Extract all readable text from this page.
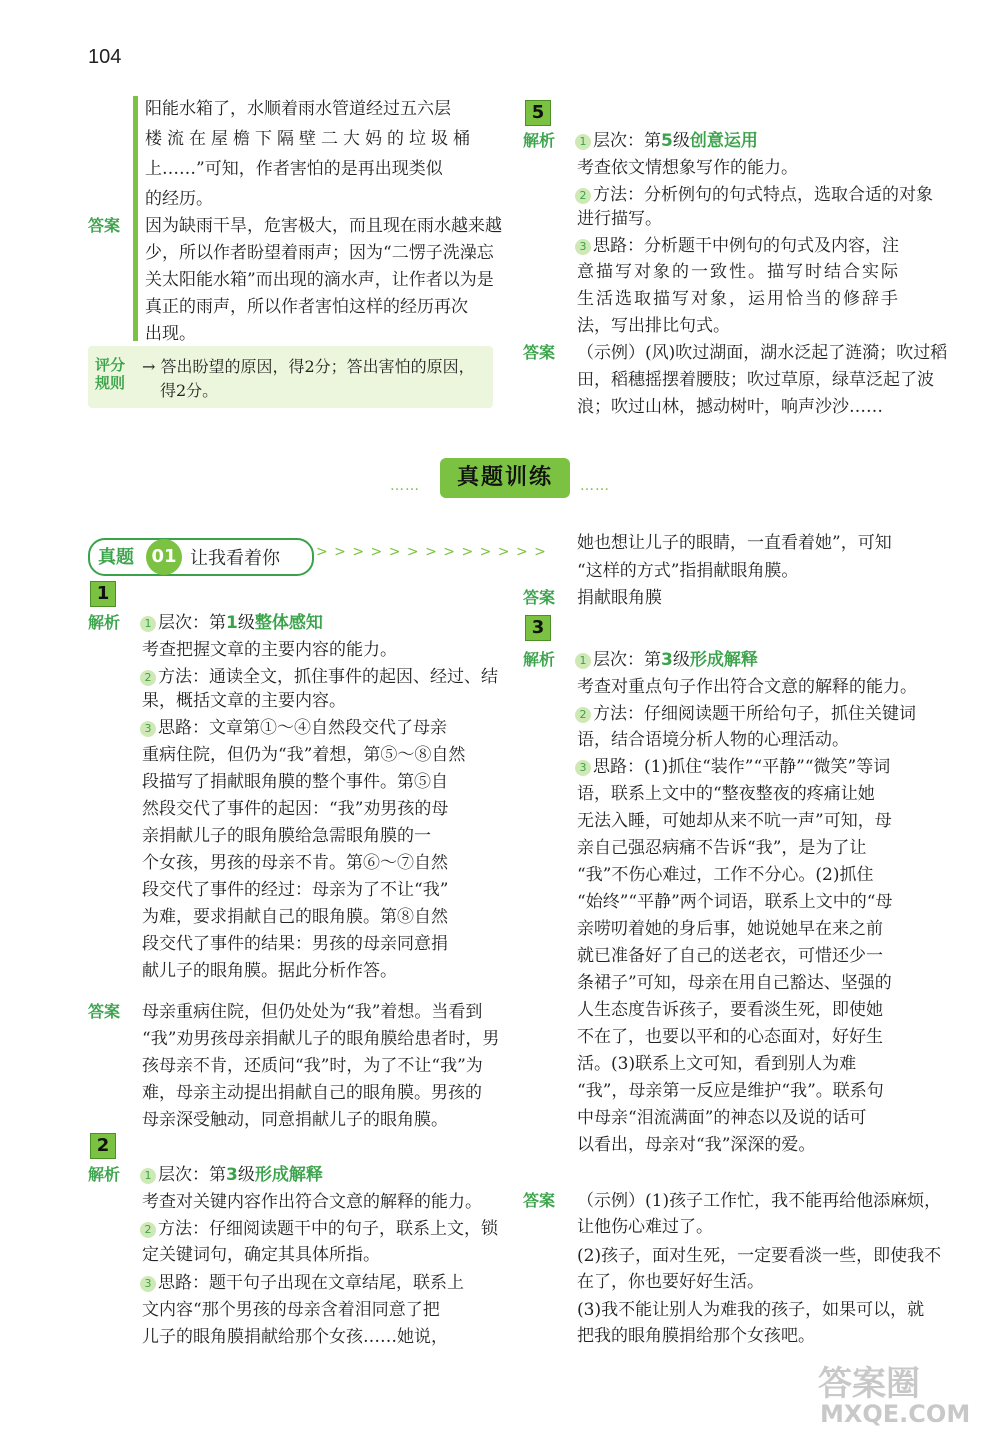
104
阳能水箱了，水顺着雨水管道经过五六层
楼流在屋檐下隔壁二大妈的垃圾桶
上……”可知，作者害怕的是再出现类似
的经历。
答案 因为缺雨干旱，危害极大，而且现在雨水越来越
少，所以作者盼望着雨声；因为“二愣子洗澡忘
关太阳能水箱”而出现的滴水声，让作者以为是
真正的雨声，所以作者害怕这样的经历再次
出现。
评分
规则
→ 答出盼望的原因，得2分；答出害怕的原因，
得2分。
5
解析	1 层次：第5级创意运用
考查依文情想象写作的能力。
2 方法：分析例句的句式特点，选取合适的对象
进行描写。
3 思路：分析题干中例句的句式及内容，注
意描写对象的一致性。描写时结合实际
生活选取描写对象，运用恰当的修辞手
法，写出排比句式。
答案 （示例）(风)吹过湖面，湖水泛起了涟漪；吹过稻
田，稻穗摇摆着腰肢；吹过草原，绿草泛起了波
浪；吹过山林，撼动树叶，响声沙沙……
……	真题训练	……
真题 01 让我看着你	> > > > > > > > > > > > >
1
解析	1 层次：第1级整体感知
考查把握文章的主要内容的能力。
2 方法：通读全文，抓住事件的起因、经过、结
果，概括文章的主要内容。
3 思路：文章第①～④自然段交代了母亲
重病住院，但仍为“我”着想，第⑤～⑧自然
段描写了捐献眼角膜的整个事件。第⑤自
然段交代了事件的起因：“我”劝男孩的母
亲捐献儿子的眼角膜给急需眼角膜的一
个女孩，男孩的母亲不肯。第⑥～⑦自然
段交代了事件的经过：母亲为了不让“我”
为难，要求捐献自己的眼角膜。第⑧自然
段交代了事件的结果：男孩的母亲同意捐
献儿子的眼角膜。据此分析作答。
答案 母亲重病住院，但仍处处为“我”着想。当看到
“我”劝男孩母亲捐献儿子的眼角膜给患者时，男
孩母亲不肯，还质问“我”时，为了不让“我”为
难，母亲主动提出捐献自己的眼角膜。男孩的
母亲深受触动，同意捐献儿子的眼角膜。
2
解析	1 层次：第3级形成解释
考查对关键内容作出符合文意的解释的能力。
2 方法：仔细阅读题干中的句子，联系上文，锁
定关键词句，确定其具体所指。
3 思路：题干句子出现在文章结尾，联系上
文内容“那个男孩的母亲含着泪同意了把
儿子的眼角膜捐献给那个女孩……她说，
她也想让儿子的眼睛，一直看着她”，可知
“这样的方式”指捐献眼角膜。
答案 捐献眼角膜
3
解析	1 层次：第3级形成解释
考查对重点句子作出符合文意的解释的能力。
2 方法：仔细阅读题干所给句子，抓住关键词
语，结合语境分析人物的心理活动。
3 思路：(1)抓住“装作”“平静”“微笑”等词
语，联系上文中的“整夜整夜的疼痛让她
无法入睡，可她却从来不吭一声”可知，母
亲自己强忍病痛不告诉“我”，是为了让
“我”不伤心难过，工作不分心。(2)抓住
“始终”“平静”两个词语，联系上文中的“母
亲唠叨着她的身后事，她说她早在来之前
就已准备好了自己的送老衣，可惜还少一
条裙子”可知，母亲在用自己豁达、坚强的
人生态度告诉孩子，要看淡生死，即使她
不在了，也要以平和的心态面对，好好生
活。(3)联系上文可知，看到别人为难
“我”，母亲第一反应是维护“我”。联系句
中母亲“泪流满面”的神态以及说的话可
以看出，母亲对“我”深深的爱。
答案 （示例）(1)孩子工作忙，我不能再给他添麻烦，
让他伤心难过了。
(2)孩子，面对生死，一定要看淡一些，即使我不
在了，你也要好好生活。
(3)我不能让别人为难我的孩子，如果可以，就
把我的眼角膜捐给那个女孩吧。
答案圈
MXQE.COM
